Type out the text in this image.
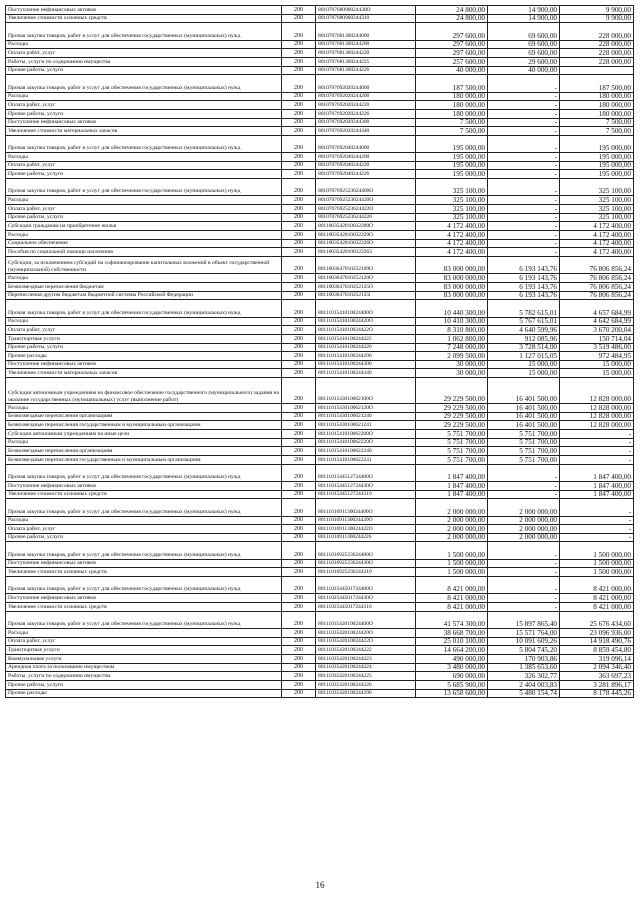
Поступление нефинансовых активов	200	801070768090024430О	24 800,00	14 900,00	9 900,00
Увеличение стоимости основных средств	200	8010707680900244310	24 800,00	14 900,00	9 900,00
Прочая закупка товаров, работ и услуг для обеспечения государственных (муниципальных) нужд	200	8010707681300244000	297 600,00	69 600,00	228 000,00
Расходы	200	8010707681300244200	297 600,00	69 600,00	228 000,00
Оплата работ, услуг	200	8010707681300244220	297 600,00	69 600,00	228 000,00
Работы, услуги по содержанию имущества	200	8010707681300244225	257 600,00	29 600,00	228 000,00
Прочие работы, услуги	200	8010707681300244226	40 000,00	40 000,00
Прочая закупка товаров, работ и услуг для обеспечения государственных (муниципальных) нужд	200	8010707692020244000	187 500,00	-	187 500,00
Расходы	200	8010707692020244200	180 000,00	-	180 000,00
Оплата работ, услуг	200	8010707692020244220	180 000,00	-	180 000,00
Прочие работы, услуги	200	8010707692020244226	180 000,00	-	180 000,00
Поступление нефинансовых активов	200	8010707692020244300	7 500,00	-	7 500,00
Увеличение стоимости материальных запасов	200	8010707692020244340	7 500,00	-	7 500,00
Прочая закупка товаров, работ и услуг для обеспечения государственных (муниципальных) нужд	200	8010707692040244000	195 000,00	-	195 000,00
Расходы	200	8010707692040244200	195 000,00	-	195 000,00
Оплата работ, услуг	200	8010707692040244220	195 000,00	-	195 000,00
Прочие работы, услуги	200	8010707692040244226	195 000,00	-	195 000,00
Прочая закупка товаров, работ и услуг для обеспечения государственных (муниципальных) нужд	200	8010707692523624400О	325 100,00	-	325 100,00
Расходы	200	8010707692523624420О	325 100,00	-	325 100,00
Оплата работ, услуг	200	8010707692523624422О	325 100,00	-	325 100,00
Прочие работы, услуги	200	80107076925236244226	325 100,00	-	325 100,00
Субсидии гражданам на приобретение жилья	200	8011003542010032200О	4 172 400,00	-	4 172 400,00
Расходы	200	8011003542010032220О	4 172 400,00	-	4 172 400,00
Социальное обеспечение	200	8011003542010032226О	4 172 400,00	-	4 172 400,00
Пособия по социальной помощи населению	200	8011003542010032226З	4 172 400,00	-	4 172 400,00
Субсидии, за исключением субсидий на софинансирование капитальных вложений в объект государственной (муниципальной) собственности	200	8011003647010252100О	83 000 000,00	6 193 143,76	76 806 856,24
Расходы	200	8011003647010252120О	83 000 000,00	6 193 143,76	76 806 856,24
Безвозмездные перечисления бюджетам	200	8011003647010252125О	83 000 000,00	6 193 143,76	76 806 856,24
Перечисления другим бюджетам бюджетной системы Российской Федерации	200	8011003647010252125l	83 000 000,00	6 193 143,76	76 806 856,24
Прочая закупка товаров, работ и услуг для обеспечения государственных (муниципальных) нужд	200	8011101541010024400О	10 440 300,00	5 782 615,01	4 657 684,99
Расходы	200	8011101541010024420О	10 410 300,00	5 767 615,01	4 642 684,99
Оплата работ, услуг	200	8011101541010024422О	8 310 800,00	4 640 599,96	3 670 200,04
Транспортные услуги	200	80111015410100244222	1 062 800,00	912 085,96	150 714,04
Прочие работы, услуги	200	80111015410100244226	7 248 000,00	3 728 514,00	3 519 486,00
Прочие расходы	200	80111015410100244290	2 099 500,00	1 127 015,05	972 484,95
Поступление нефинансовых активов	200	80111015410100244300	30 000,00	15 000,00	15 000,00
Увеличение стоимости материальных запасов	200	80111015410100244340	30 000,00	15 000,00	15 000,00
Субсидии автономным учреждениям на финансовое обеспечение государственного (муниципального) задания на оказание государственных (муниципальных) услуг (выполнение работ)	200	8011101543010062100О	29 229 500,00	16 401 500,00	12 828 000,00
Расходы	200	8011101543010062120О	29 229 500,00	16 401 500,00	12 828 000,00
Безвозмездные перечисления организациям	200	80111015430100621240	29 229 500,00	16 401 500,00	12 828 000,00
Безвозмездные перечисления государственным и муниципальным организациям	200	80111015430100621241	29 229 500,00	16 401 500,00	12 828 000,00
Субсидии автономным учреждениям на иные цели	200	8011101541010062200О	5 751 700,00	5 751 700,00	-
Расходы	200	8011101541010062220О	5 751 700,00	5 751 700,00	-
Безвозмездные перечисления организациям	200	80111015410100622240	5 751 700,00	5 751 700,00	-
Безвозмездные перечисления государственным и муниципальным организациям	200	80111015410100622241	5 751 700,00	5 751 700,00	-
Прочая закупка товаров, работ и услуг для обеспечения государственных (муниципальных) нужд	200	8011101544512724400О	1 847 400,00	-	1 847 400,00
Поступление нефинансовых активов	200	8011101544512724430О	1 847 400,00	-	1 847 400,00
Увеличение стоимости основных средств	200	80111015445127244310	1 847 400,00	-	1 847 400,00
Прочая закупка товаров, работ и услуг для обеспечения государственных (муниципальных) нужд	200	8011101691130024400О	2 000 000,00	2 000 000,00	-
Расходы	200	8011101691130024420О	2 000 000,00	2 000 000,00	-
Оплата работ, услуг	200	8011101691130024422О	2 000 000,00	2 000 000,00	-
Прочие работы, услуги	200	80111016911300244226	2 000 000,00	2 000 000,00	-
Прочая закупка товаров, работ и услуг для обеспечения государственных (муниципальных) нужд	200	8011101692523624400О	1 500 000,00	-	1 500 000,00
Поступление нефинансовых активов	200	8011101692523624430О	1 500 000,00	-	1 500 000,00
Увеличение стоимости основных средств	200	80111016925236244310	1 500 000,00	-	1 500 000,00
Прочая закупка товаров, работ и услуг для обеспечения государственных (муниципальных) нужд	200	8011102544501724400О	8 421 000,00	-	8 421 000,00
Поступление нефинансовых активов	200	8011102544501724430О	8 421 000,00	-	8 421 000,00
Увеличение стоимости основных средств	200	80111025445017244310	8 421 000,00	-	8 421 000,00
Прочая закупка товаров, работ и услуг для обеспечения государственных (муниципальных) нужд	200	8011103542010024400О	41 574 300,00	15 897 865,40	25 676 434,60
Расходы	200	8011103542010024420О	38 668 700,00	15 571 764,00	23 096 936,00
Оплата работ, услуг	200	8011103542010024422О	25 010 100,00	10 091 609,26	14 918 490,76
Транспортные услуги	200	80111035420100244222	14 664 200,00	5 804 745,20	8 859 454,80
Коммунальные услуги	200	80111035420100244223	490 000,00	170 903,86	319 096,14
Арендная плата за пользование имуществом	200	80111035420100244224	3 480 000,00	1 385 653,60	2 094 346,40
Работы, услуги по содержанию имущества	200	80111035420100244225	690 000,00	326 302,77	363 697,23
Прочие работы, услуги	200	80111035420100244226	5 685 900,00	2 404 003,83	3 281 896,17
Прочие расходы	200	80111035420100244290	13 658 600,00	5 480 154,74	8 178 445,26
16
